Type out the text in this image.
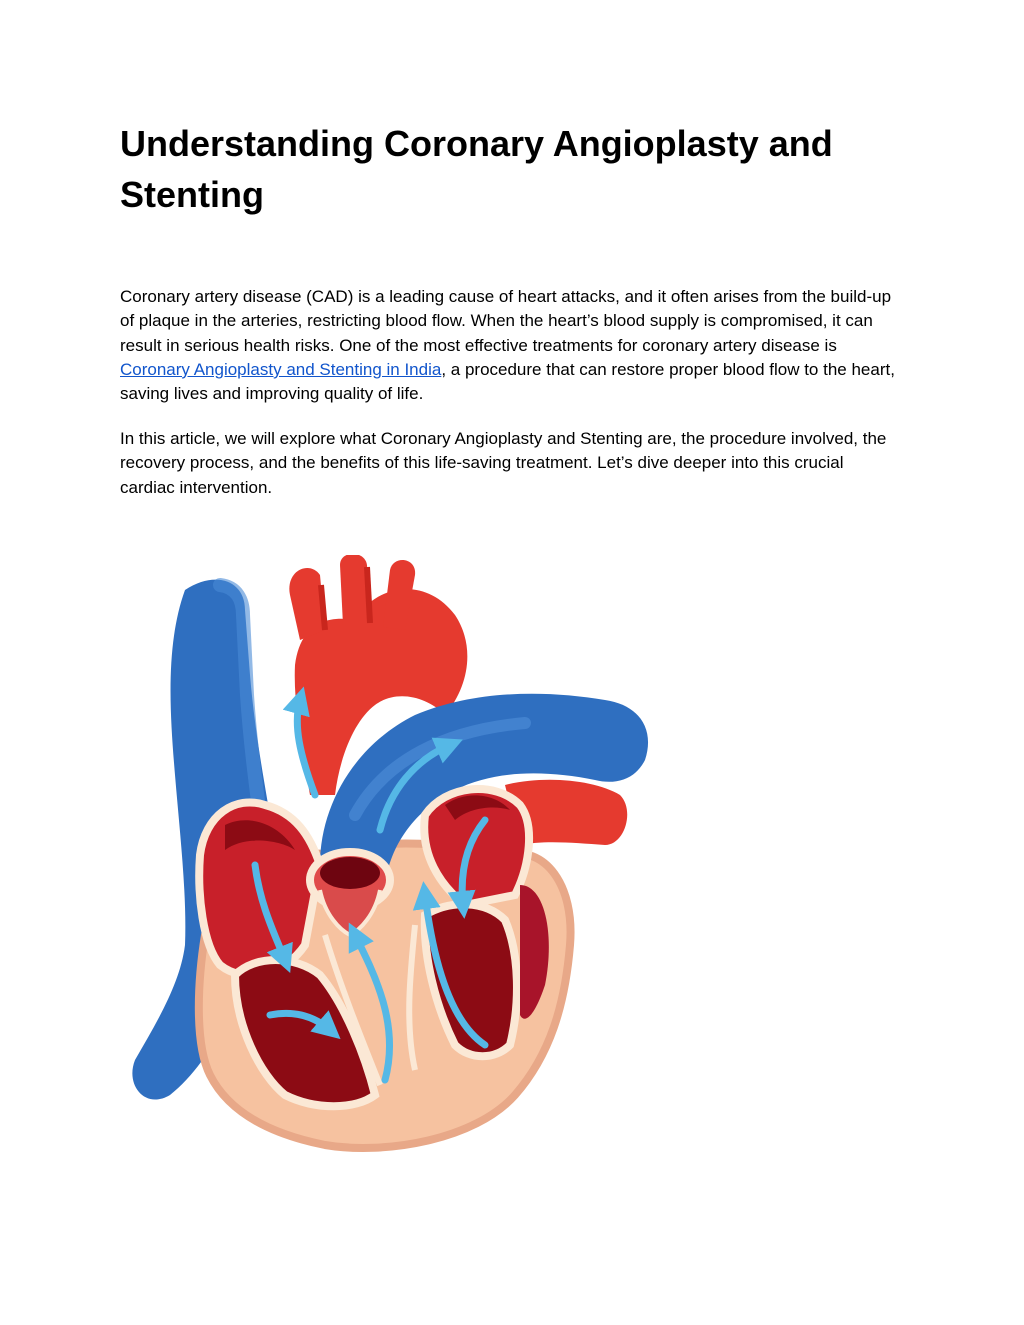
Understanding Coronary Angioplasty and Stenting

Coronary artery disease (CAD) is a leading cause of heart attacks, and it often arises from the build-up of plaque in the arteries, restricting blood flow. When the heart’s blood supply is compromised, it can result in serious health risks. One of the most effective treatments for coronary artery disease is Coronary Angioplasty and Stenting in India, a procedure that can restore proper blood flow to the heart, saving lives and improving quality of life.

In this article, we will explore what Coronary Angioplasty and Stenting are, the procedure involved, the recovery process, and the benefits of this life-saving treatment. Let’s dive deeper into this crucial cardiac intervention.
